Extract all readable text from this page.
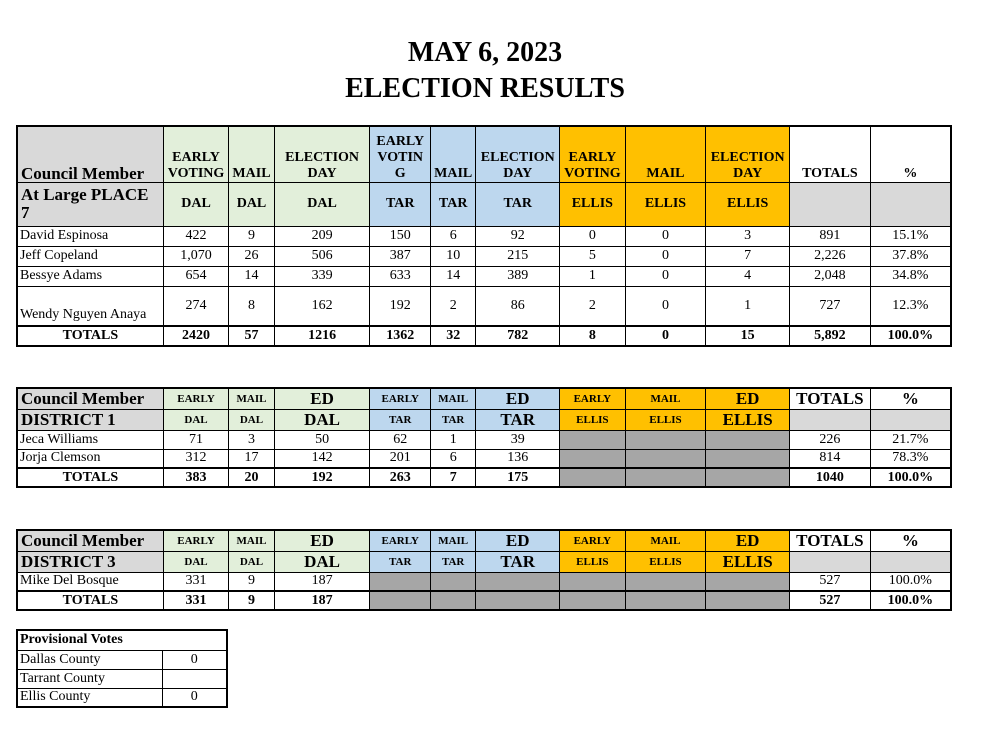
MAY 6, 2023
ELECTION RESULTS
Council Member	EARLY VOTING	MAIL	ELECTION DAY	EARLY VOTIN G	MAIL	ELECTION DAY	EARLY VOTING	MAIL	ELECTION DAY	TOTALS	%
At Large PLACE 7	DAL	DAL	DAL	TAR	TAR	TAR	ELLIS	ELLIS	ELLIS		
David Espinosa	422	9	209	150	6	92	0	0	3	891	15.1%
Jeff Copeland	1,070	26	506	387	10	215	5	0	7	2,226	37.8%
Bessye Adams	654	14	339	633	14	389	1	0	4	2,048	34.8%
Wendy Nguyen Anaya	274	8	162	192	2	86	2	0	1	727	12.3%
TOTALS	2420	57	1216	1362	32	782	8	0	15	5,892	100.0%
Council Member	EARLY	MAIL	ED	EARLY	MAIL	ED	EARLY	MAIL	ED	TOTALS	%
DISTRICT 1	DAL	DAL	DAL	TAR	TAR	TAR	ELLIS	ELLIS	ELLIS		
Jeca Williams	71	3	50	62	1	39				226	21.7%
Jorja Clemson	312	17	142	201	6	136				814	78.3%
TOTALS	383	20	192	263	7	175				1040	100.0%
Council Member	EARLY	MAIL	ED	EARLY	MAIL	ED	EARLY	MAIL	ED	TOTALS	%
DISTRICT 3	DAL	DAL	DAL	TAR	TAR	TAR	ELLIS	ELLIS	ELLIS		
Mike Del Bosque	331	9	187							527	100.0%
TOTALS	331	9	187							527	100.0%
Provisional Votes	
Dallas County	0
Tarrant County	
Ellis County	0
